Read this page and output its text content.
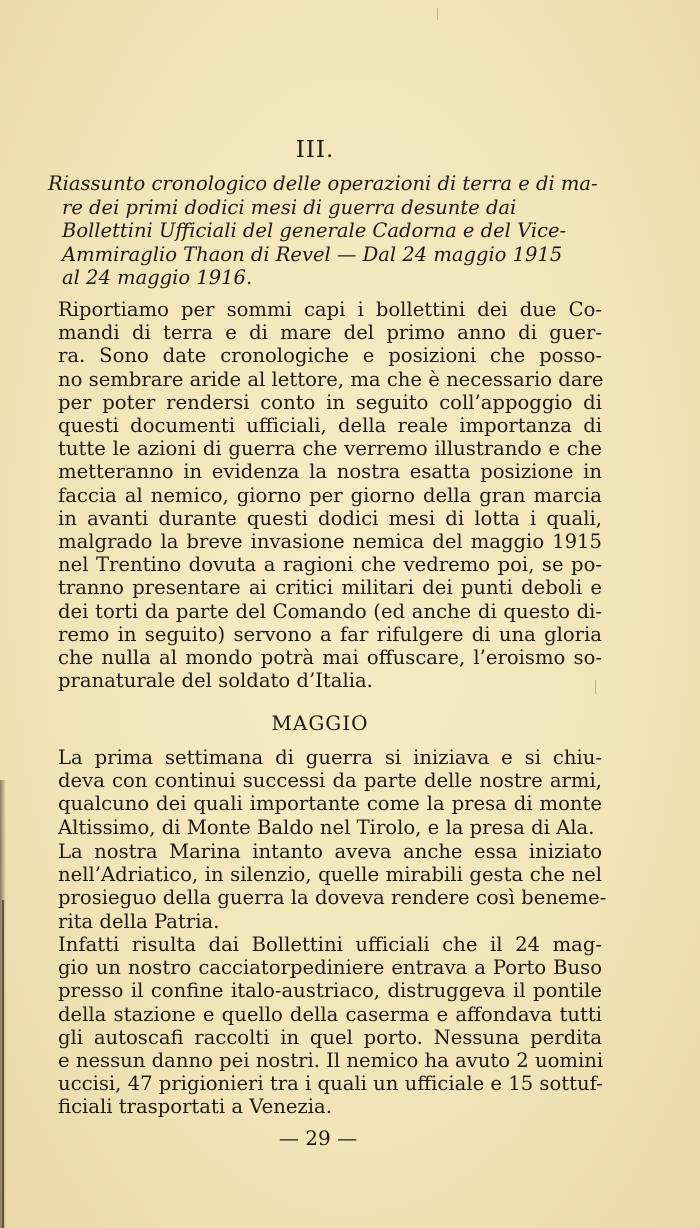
III.
Riassunto cronologico delle operazioni di terra e di ma-
re dei primi dodici mesi di guerra desunte dai
Bollettini Ufficiali del generale Cadorna e del Vice-
Ammiraglio Thaon di Revel — Dal 24 maggio 1915
al 24 maggio 1916.
Riportiamo per sommi capi i bollettini dei due Co-
mandi di terra e di mare del primo anno di guer-
ra. Sono date cronologiche e posizioni che posso-
no sembrare aride al lettore, ma che è necessario dare
per poter rendersi conto in seguito coll’appoggio di
questi documenti ufficiali, della reale importanza di
tutte le azioni di guerra che verremo illustrando e che
metteranno in evidenza la nostra esatta posizione in
faccia al nemico, giorno per giorno della gran marcia
in avanti durante questi dodici mesi di lotta i quali,
malgrado la breve invasione nemica del maggio 1915
nel Trentino dovuta a ragioni che vedremo poi, se po-
tranno presentare ai critici militari dei punti deboli e
dei torti da parte del Comando (ed anche di questo di-
remo in seguito) servono a far rifulgere di una gloria
che nulla al mondo potrà mai offuscare, l’eroismo so-
pranaturale del soldato d’Italia.
MAGGIO
La prima settimana di guerra si iniziava e si chiu-
deva con continui successi da parte delle nostre armi,
qualcuno dei quali importante come la presa di monte
Altissimo, di Monte Baldo nel Tirolo, e la presa di Ala.
La nostra Marina intanto aveva anche essa iniziato
nell’Adriatico, in silenzio, quelle mirabili gesta che nel
prosieguo della guerra la doveva rendere così beneme-
rita della Patria.
Infatti risulta dai Bollettini ufficiali che il 24 mag-
gio un nostro cacciatorpediniere entrava a Porto Buso
presso il confine italo-austriaco, distruggeva il pontile
della stazione e quello della caserma e affondava tutti
gli autoscafi raccolti in quel porto. Nessuna perdita
e nessun danno pei nostri. Il nemico ha avuto 2 uomini
uccisi, 47 prigionieri tra i quali un ufficiale e 15 sottuf-
ficiali trasportati a Venezia.
— 29 —
